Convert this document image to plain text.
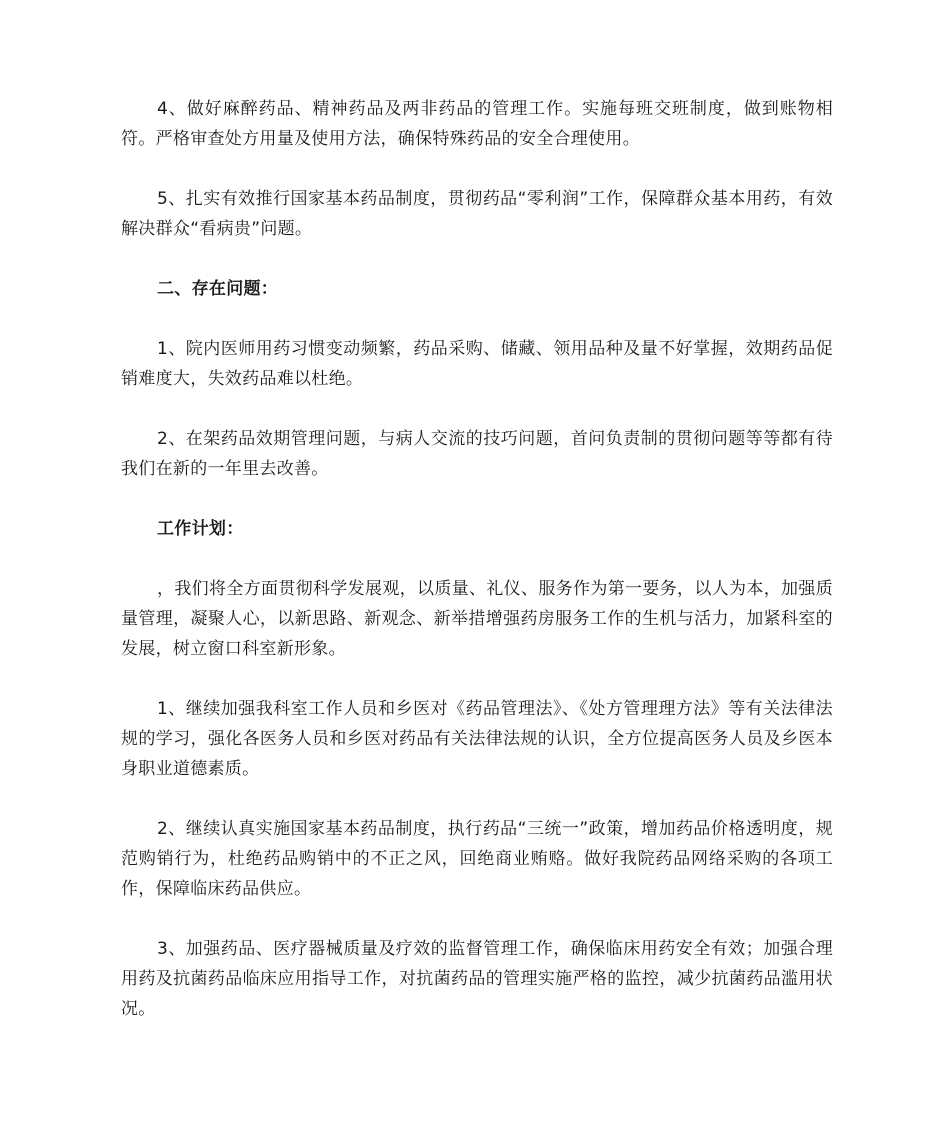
4、做好麻醉药品、精神药品及两非药品的管理工作。实施每班交班制度，做到账物相符。严格审查处方用量及使用方法，确保特殊药品的安全合理使用。

5、扎实有效推行国家基本药品制度，贯彻药品“零利润”工作，保障群众基本用药，有效解决群众“看病贵”问题。

二、存在问题：

1、院内医师用药习惯变动频繁，药品采购、储藏、领用品种及量不好掌握，效期药品促销难度大，失效药品难以杜绝。

2、在架药品效期管理问题，与病人交流的技巧问题，首问负责制的贯彻问题等等都有待我们在新的一年里去改善。

工作计划：

，我们将全方面贯彻科学发展观，以质量、礼仪、服务作为第一要务，以人为本，加强质量管理，凝聚人心，以新思路、新观念、新举措增强药房服务工作的生机与活力，加紧科室的发展，树立窗口科室新形象。

1、继续加强我科室工作人员和乡医对《药品管理法》、《处方管理理方法》等有关法律法规的学习，强化各医务人员和乡医对药品有关法律法规的认识，全方位提高医务人员及乡医本身职业道德素质。

2、继续认真实施国家基本药品制度，执行药品“三统一”政策，增加药品价格透明度，规范购销行为，杜绝药品购销中的不正之风，回绝商业贿赂。做好我院药品网络采购的各项工作，保障临床药品供应。

3、加强药品、医疗器械质量及疗效的监督管理工作，确保临床用药安全有效；加强合理用药及抗菌药品临床应用指导工作，对抗菌药品的管理实施严格的监控，减少抗菌药品滥用状况。
